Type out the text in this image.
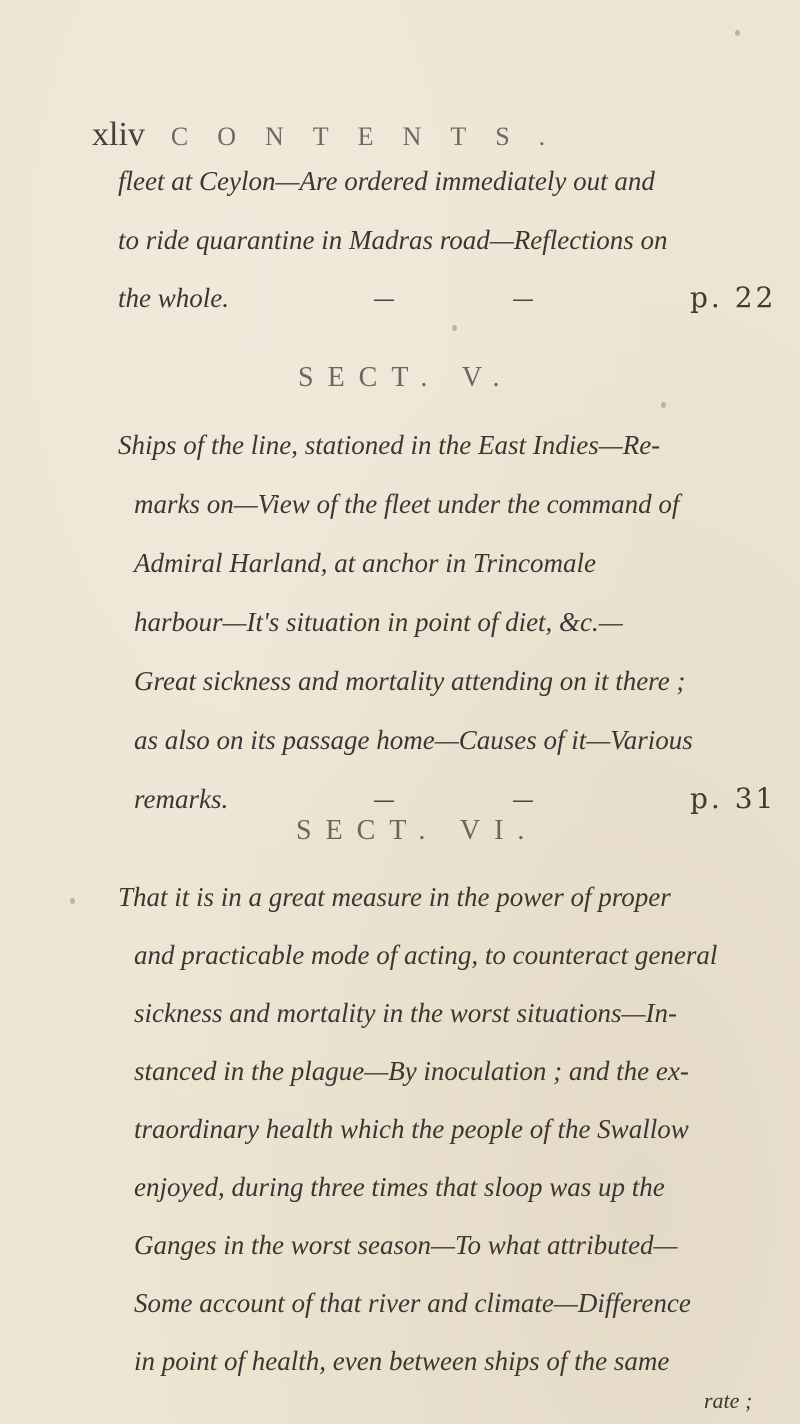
xliv CONTENTS.
fleet at Ceylon—Are ordered immediately out and
to ride quarantine in Madras road—Reflections on
the whole.	—	—	p. 22
SECT. V.
Ships of the line, stationed in the East Indies—Re-
marks on—View of the fleet under the command of
Admiral Harland, at anchor in Trincomale
harbour—It's situation in point of diet, &c.—
Great sickness and mortality attending on it there ;
as also on its passage home—Causes of it—Various
remarks.	—	—	p. 31
SECT. VI.
That it is in a great measure in the power of proper
and practicable mode of acting, to counteract general
sickness and mortality in the worst situations—In-
stanced in the plague—By inoculation ; and the ex-
traordinary health which the people of the Swallow
enjoyed, during three times that sloop was up the
Ganges in the worst season—To what attributed—
Some account of that river and climate—Difference
in point of health, even between ships of the same
rate ;
